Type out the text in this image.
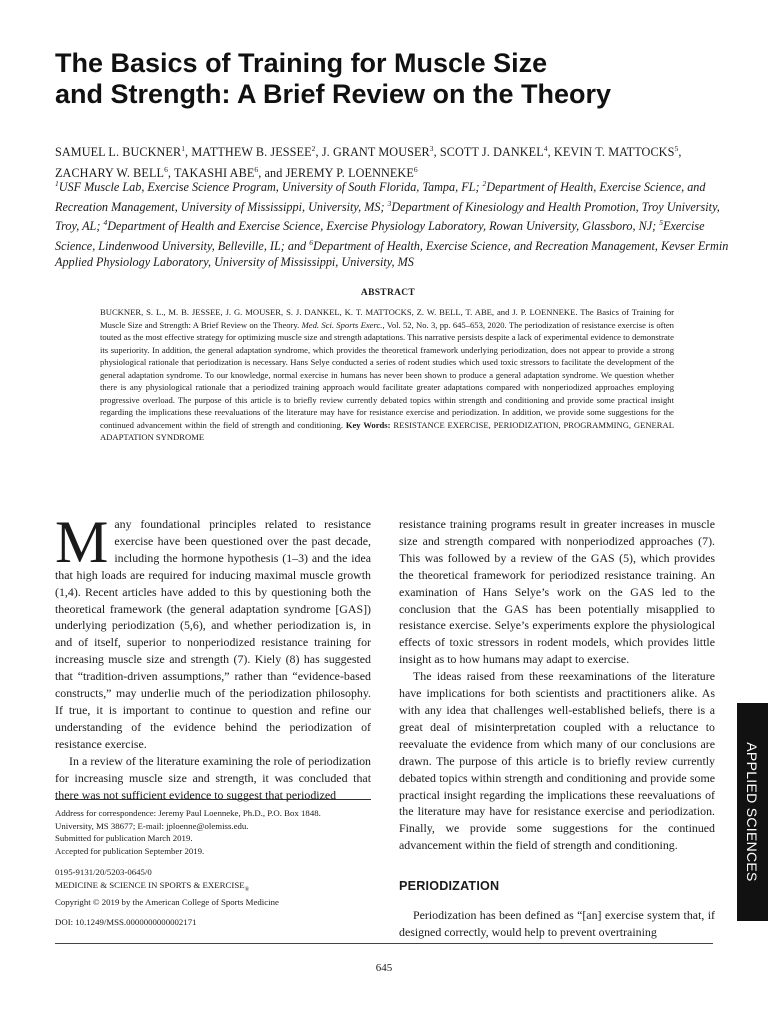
The Basics of Training for Muscle Size
and Strength: A Brief Review on the Theory
SAMUEL L. BUCKNER$^1$, MATTHEW B. JESSEE$^2$, J. GRANT MOUSER$^3$, SCOTT J. DANKEL$^4$, KEVIN T. MATTOCKS$^5$, ZACHARY W. BELL$^6$, TAKASHI ABE$^6$, and JEREMY P. LOENNEKE$^6$
$^1$USF Muscle Lab, Exercise Science Program, University of South Florida, Tampa, FL; $^2$Department of Health, Exercise Science, and Recreation Management, University of Mississippi, University, MS; $^3$Department of Kinesiology and Health Promotion, Troy University, Troy, AL; $^4$Department of Health and Exercise Science, Exercise Physiology Laboratory, Rowan University, Glassboro, NJ; $^5$Exercise Science, Lindenwood University, Belleville, IL; and $^6$Department of Health, Exercise Science, and Recreation Management, Kevser Ermin Applied Physiology Laboratory, University of Mississippi, University, MS
ABSTRACT
BUCKNER, S. L., M. B. JESSEE, J. G. MOUSER, S. J. DANKEL, K. T. MATTOCKS, Z. W. BELL, T. ABE, and J. P. LOENNEKE. The Basics of Training for Muscle Size and Strength: A Brief Review on the Theory. Med. Sci. Sports Exerc., Vol. 52, No. 3, pp. 645–653, 2020. The periodization of resistance exercise is often touted as the most effective strategy for optimizing muscle size and strength adaptations. This narrative persists despite a lack of experimental evidence to demonstrate its superiority. In addition, the general adaptation syndrome, which provides the theoretical framework underlying periodization, does not appear to provide a strong physiological rationale that periodization is necessary. Hans Selye conducted a series of rodent studies which used toxic stressors to facilitate the development of the general adaptation syndrome. To our knowledge, normal exercise in humans has never been shown to produce a general adaptation syndrome. We question whether there is any physiological rationale that a periodized training approach would facilitate greater adaptations compared with nonperiodized approaches employing progressive overload. The purpose of this article is to briefly review currently debated topics within strength and conditioning and provide some practical insight regarding the implications these reevaluations of the literature may have for resistance exercise and periodization. In addition, we provide some suggestions for the continued advancement within the field of strength and conditioning. Key Words: RESISTANCE EXERCISE, PERIODIZATION, PROGRAMMING, GENERAL ADAPTATION SYNDROME

Many foundational principles related to resistance exercise have been questioned over the past decade, including the hormone hypothesis (1–3) and the idea that high loads are required for inducing maximal muscle growth (1,4). Recent articles have added to this by questioning both the theoretical framework (the general adaptation syndrome [GAS]) underlying periodization (5,6), and whether periodization is, in and of itself, superior to nonperiodized resistance training for increasing muscle size and strength (7). Kiely (8) has suggested that “tradition-driven assumptions,” rather than “evidence-based constructs,” may underlie much of the periodization philosophy. If true, it is important to continue to question and refine our understanding of the evidence behind the periodization of resistance exercise.

In a review of the literature examining the role of periodization for increasing muscle size and strength, it was concluded that there was not sufficient evidence to suggest that periodized

resistance training programs result in greater increases in muscle size and strength compared with nonperiodized approaches (7). This was followed by a review of the GAS (5), which provides the theoretical framework for periodized resistance training. An examination of Hans Selye’s work on the GAS led to the conclusion that the GAS has been potentially misapplied to resistance exercise. Selye’s experiments explore the physiological effects of toxic stressors in rodent models, which provides little insight as to how humans may adapt to exercise.

The ideas raised from these reexaminations of the literature have implications for both scientists and practitioners alike. As with any idea that challenges well-established beliefs, there is a great deal of misinterpretation coupled with a reluctance to reevaluate the evidence from which many of our conclusions are drawn. The purpose of this article is to briefly review currently debated topics within strength and conditioning and provide some practical insight regarding the implications these reevaluations of the literature may have for resistance exercise and periodization. Finally, we provide some suggestions for the continued advancement within the field of strength and conditioning.

PERIODIZATION

Periodization has been defined as “[an] exercise system that, if designed correctly, would help to prevent overtraining

Address for correspondence: Jeremy Paul Loenneke, Ph.D., P.O. Box 1848.
University, MS 38677; E-mail: jploenne@olemiss.edu.
Submitted for publication March 2019.
Accepted for publication September 2019.
0195-9131/20/5203-0645/0
MEDICINE & SCIENCE IN SPORTS & $EXERCISE_®$
Copyright © 2019 by the American College of Sports Medicine
DOI: 10.1249/MSS.0000000000002171
645
APPLIED SCIENCES
